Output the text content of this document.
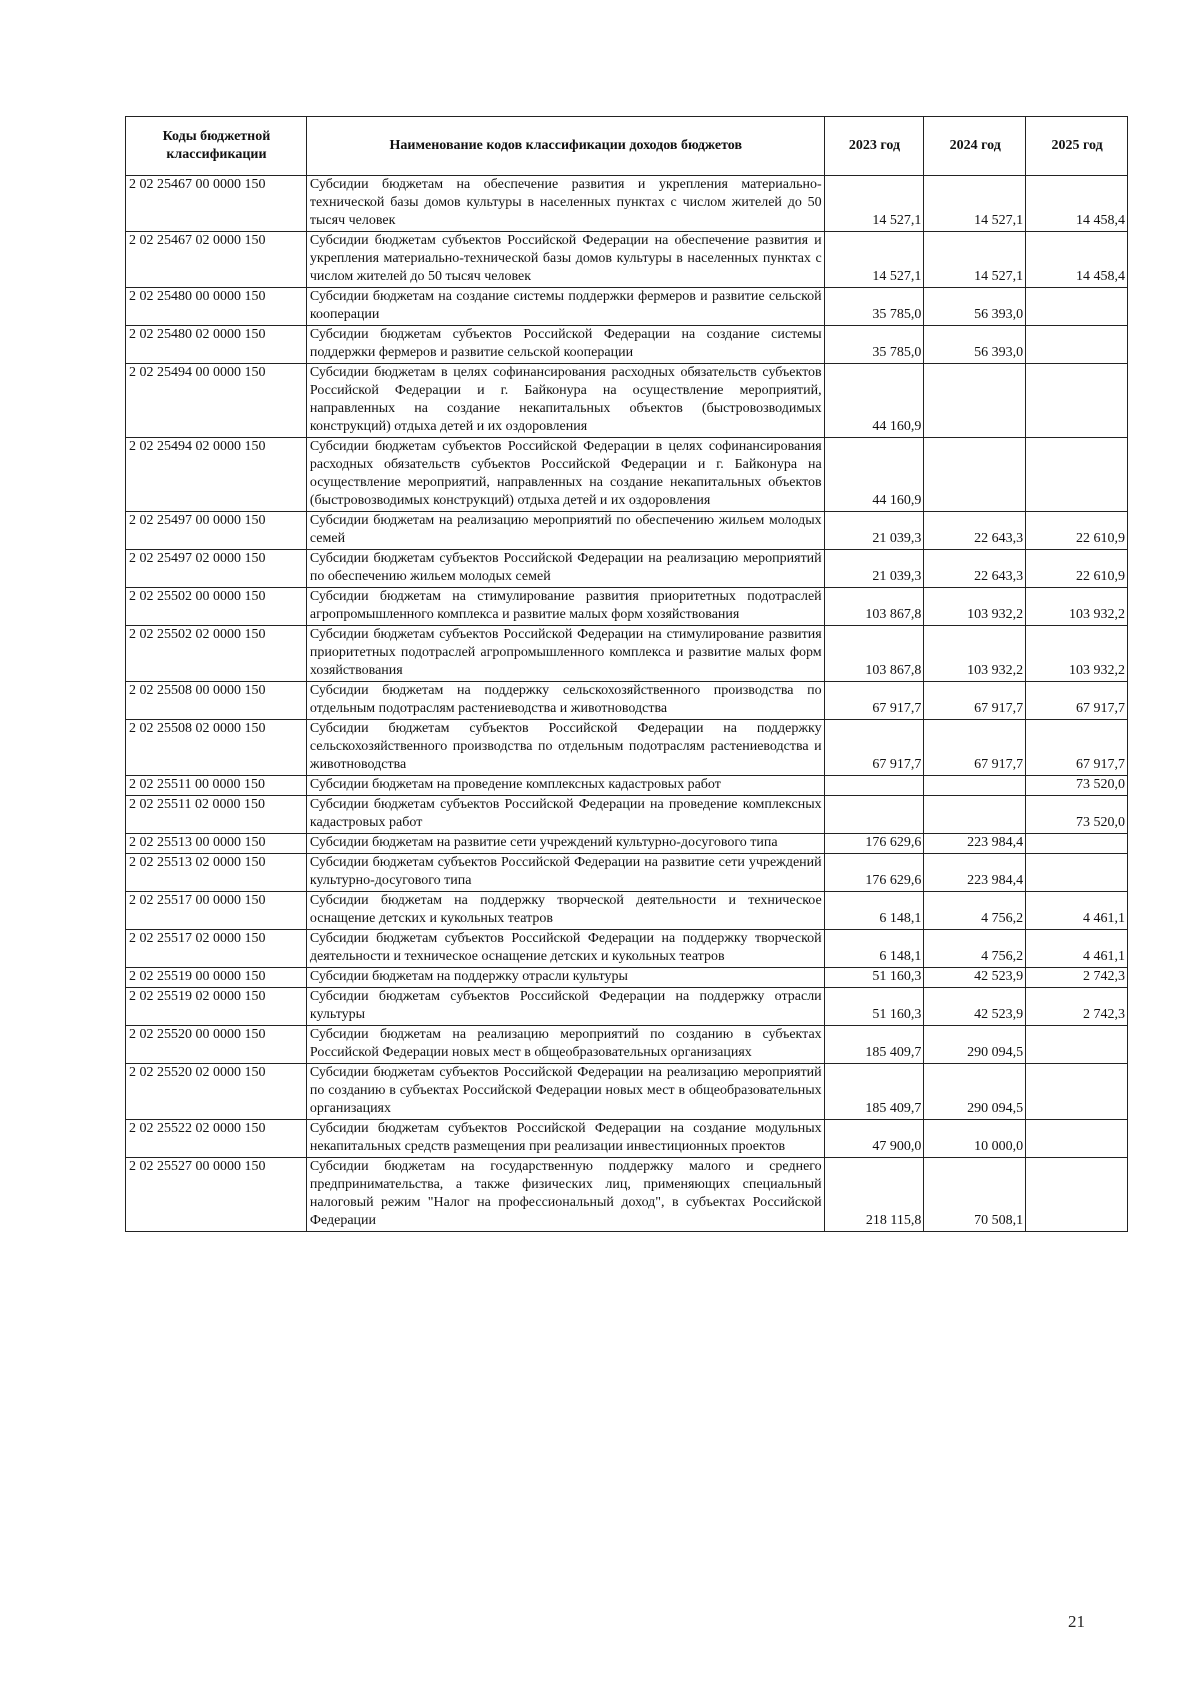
Коды бюджетной классификации	Наименование кодов классификации доходов бюджетов	2023 год	2024 год	2025 год
2 02 25467 00 0000 150	Субсидии бюджетам на обеспечение развития и укрепления материально-технической базы домов культуры в населенных пунктах с числом жителей до 50 тысяч человек	14 527,1	14 527,1	14 458,4
2 02 25467 02 0000 150	Субсидии бюджетам субъектов Российской Федерации на обеспечение развития и укрепления материально-технической базы домов культуры в населенных пунктах с числом жителей до 50 тысяч человек	14 527,1	14 527,1	14 458,4
2 02 25480 00 0000 150	Субсидии бюджетам на создание системы поддержки фермеров и развитие сельской кооперации	35 785,0	56 393,0	
2 02 25480 02 0000 150	Субсидии бюджетам субъектов Российской Федерации на создание системы поддержки фермеров и развитие сельской кооперации	35 785,0	56 393,0	
2 02 25494 00 0000 150	Субсидии бюджетам в целях софинансирования расходных обязательств субъектов Российской Федерации и г. Байконура на осуществление мероприятий, направленных на создание некапитальных объектов (быстровозводимых конструкций) отдыха детей и их оздоровления	44 160,9		
2 02 25494 02 0000 150	Субсидии бюджетам субъектов Российской Федерации в целях софинансирования расходных обязательств субъектов Российской Федерации и г. Байконура на осуществление мероприятий, направленных на создание некапитальных объектов (быстровозводимых конструкций) отдыха детей и их оздоровления	44 160,9		
2 02 25497 00 0000 150	Субсидии бюджетам на реализацию мероприятий по обеспечению жильем молодых семей	21 039,3	22 643,3	22 610,9
2 02 25497 02 0000 150	Субсидии бюджетам субъектов Российской Федерации на реализацию мероприятий по обеспечению жильем молодых семей	21 039,3	22 643,3	22 610,9
2 02 25502 00 0000 150	Субсидии бюджетам на стимулирование развития приоритетных подотраслей агропромышленного комплекса и развитие малых форм хозяйствования	103 867,8	103 932,2	103 932,2
2 02 25502 02 0000 150	Субсидии бюджетам субъектов Российской Федерации на стимулирование развития приоритетных подотраслей агропромышленного комплекса и развитие малых форм хозяйствования	103 867,8	103 932,2	103 932,2
2 02 25508 00 0000 150	Субсидии бюджетам на поддержку сельскохозяйственного производства по отдельным подотраслям растениеводства и животноводства	67 917,7	67 917,7	67 917,7
2 02 25508 02 0000 150	Субсидии бюджетам субъектов Российской Федерации на поддержку сельскохозяйственного производства по отдельным подотраслям растениеводства и животноводства	67 917,7	67 917,7	67 917,7
2 02 25511 00 0000 150	Субсидии бюджетам на проведение комплексных кадастровых работ			73 520,0
2 02 25511 02 0000 150	Субсидии бюджетам субъектов Российской Федерации на проведение комплексных кадастровых работ			73 520,0
2 02 25513 00 0000 150	Субсидии бюджетам на развитие сети учреждений культурно-досугового типа	176 629,6	223 984,4	
2 02 25513 02 0000 150	Субсидии бюджетам субъектов Российской Федерации на развитие сети учреждений культурно-досугового типа	176 629,6	223 984,4	
2 02 25517 00 0000 150	Субсидии бюджетам на поддержку творческой деятельности и техническое оснащение детских и кукольных театров	6 148,1	4 756,2	4 461,1
2 02 25517 02 0000 150	Субсидии бюджетам субъектов Российской Федерации на поддержку творческой деятельности и техническое оснащение детских и кукольных театров	6 148,1	4 756,2	4 461,1
2 02 25519 00 0000 150	Субсидии бюджетам на поддержку отрасли культуры	51 160,3	42 523,9	2 742,3
2 02 25519 02 0000 150	Субсидии бюджетам субъектов Российской Федерации на поддержку отрасли культуры	51 160,3	42 523,9	2 742,3
2 02 25520 00 0000 150	Субсидии бюджетам на реализацию мероприятий по созданию в субъектах Российской Федерации новых мест в общеобразовательных организациях	185 409,7	290 094,5	
2 02 25520 02 0000 150	Субсидии бюджетам субъектов Российской Федерации на реализацию мероприятий по созданию в субъектах Российской Федерации новых мест в общеобразовательных организациях	185 409,7	290 094,5	
2 02 25522 02 0000 150	Субсидии бюджетам субъектов Российской Федерации на создание модульных некапитальных средств размещения при реализации инвестиционных проектов	47 900,0	10 000,0	
2 02 25527 00 0000 150	Субсидии бюджетам на государственную поддержку малого и среднего предпринимательства, а также физических лиц, применяющих специальный налоговый режим "Налог на профессиональный доход", в субъектах Российской Федерации	218 115,8	70 508,1	
21
